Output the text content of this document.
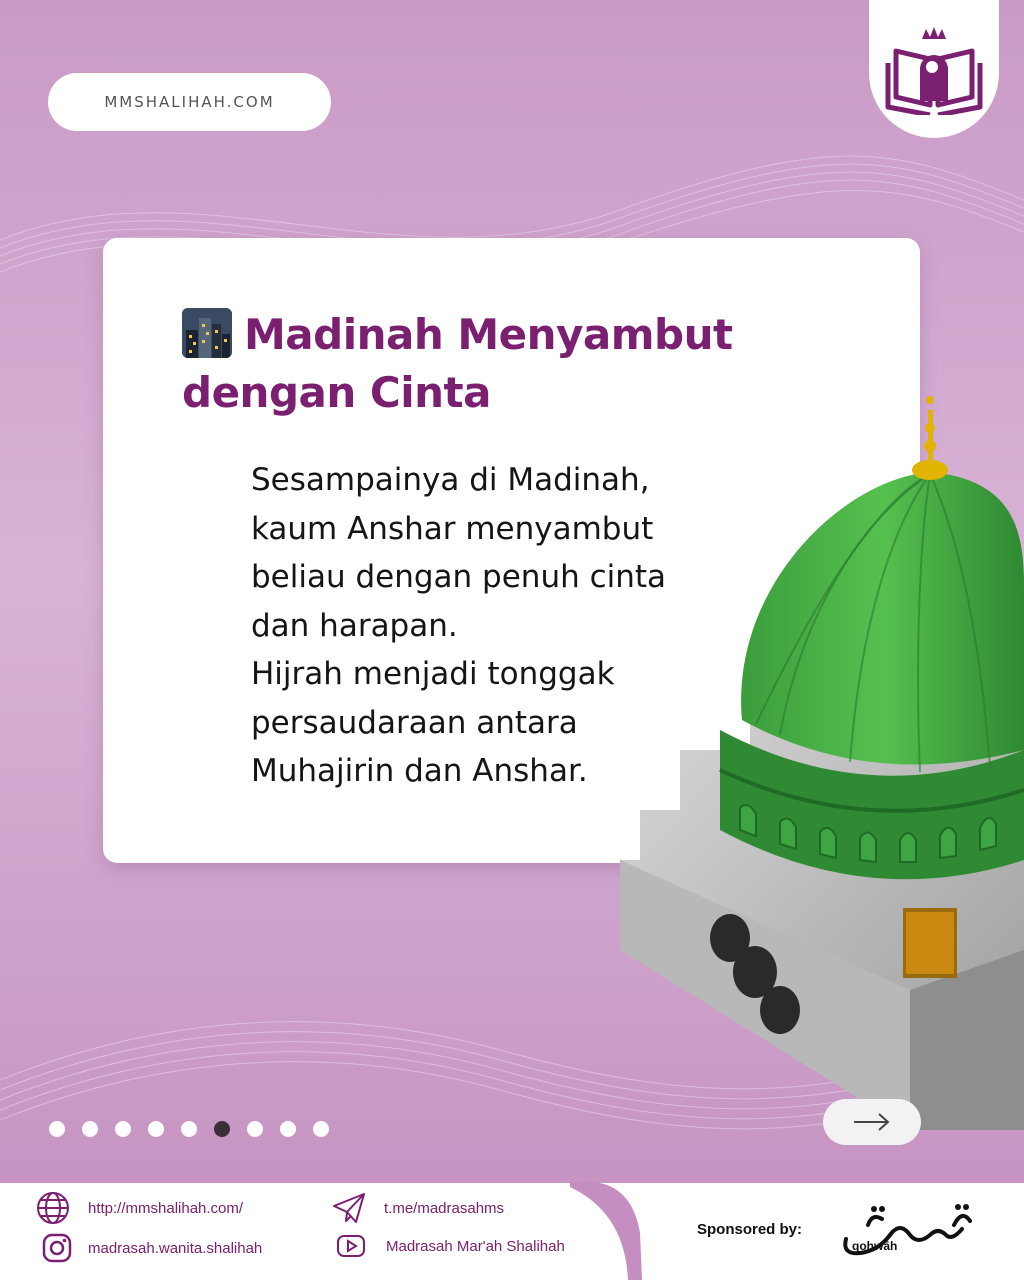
MMSHALIHAH.COM
Madinah Menyambut
dengan Cinta
Sesampainya di Madinah,
kaum Anshar menyambut
beliau dengan penuh cinta
dan harapan.
Hijrah menjadi tonggak
persaudaraan antara
Muhajirin dan Anshar.
http://mmshalihah.com/
madrasah.wanita.shalihah
t.me/madrasahms
Madrasah Mar'ah Shalihah
Sponsored by:
qohwāh
